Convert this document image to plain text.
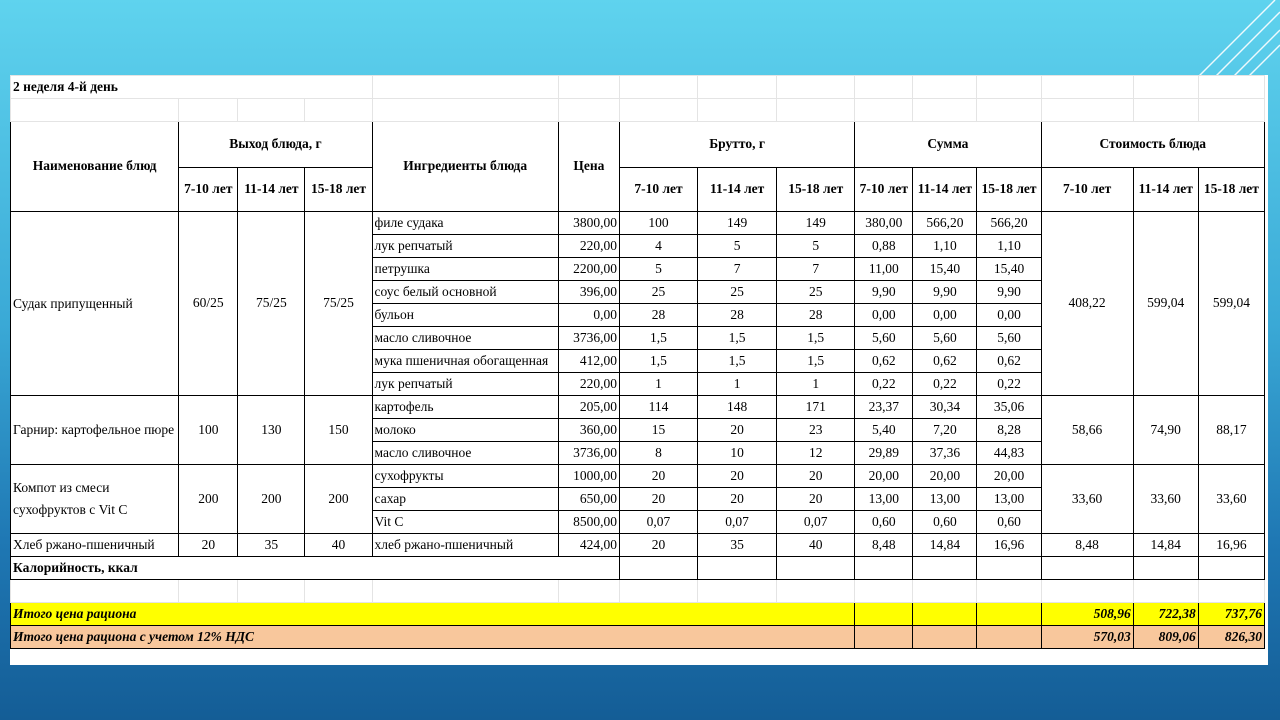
2 неделя 4-й день														

Наименование блюд	Выход блюда, г			Ингредиенты блюда	Цена	Брутто, г			Сумма			Стоимость блюда		
	7-10 лет	11-14 лет	15-18 лет			7-10 лет	11-14 лет	15-18 лет	7-10 лет	11-14 лет	15-18 лет	7-10 лет	11-14 лет	15-18 лет

Судак припущенный	60/25	75/25	75/25	филе судака	3800,00	100	149	149	380,00	566,20	566,20	408,22	599,04	599,04
				лук репчатый	220,00	4	5	5	0,88	1,10	1,10			
				петрушка	2200,00	5	7	7	11,00	15,40	15,40			
				соус белый основной	396,00	25	25	25	9,90	9,90	9,90			
				бульон	0,00	28	28	28	0,00	0,00	0,00			
				масло сливочное	3736,00	1,5	1,5	1,5	5,60	5,60	5,60			
				мука пшеничная обогащенная	412,00	1,5	1,5	1,5	0,62	0,62	0,62			
				лук репчатый	220,00	1	1	1	0,22	0,22	0,22			

Гарнир: картофельное пюре	100	130	150	картофель	205,00	114	148	171	23,37	30,34	35,06	58,66	74,90	88,17
				молоко	360,00	15	20	23	5,40	7,20	8,28			
				масло сливочное	3736,00	8	10	12	29,89	37,36	44,83			

Компот из смеси
сухофруктов с Vit C	200	200	200	сухофрукты	1000,00	20	20	20	20,00	20,00	20,00	33,60	33,60	33,60
				сахар	650,00	20	20	20	13,00	13,00	13,00			
				Vit C	8500,00	0,07	0,07	0,07	0,60	0,60	0,60			

Хлеб ржано-пшеничный	20	35	40	хлеб ржано-пшеничный	424,00	20	35	40	8,48	14,84	16,96	8,48	14,84	16,96
Калорийность, ккал														

Итого цена рациона												508,96	722,38	737,76
Итого цена рациона с учетом 12% НДС												570,03	809,06	826,30
